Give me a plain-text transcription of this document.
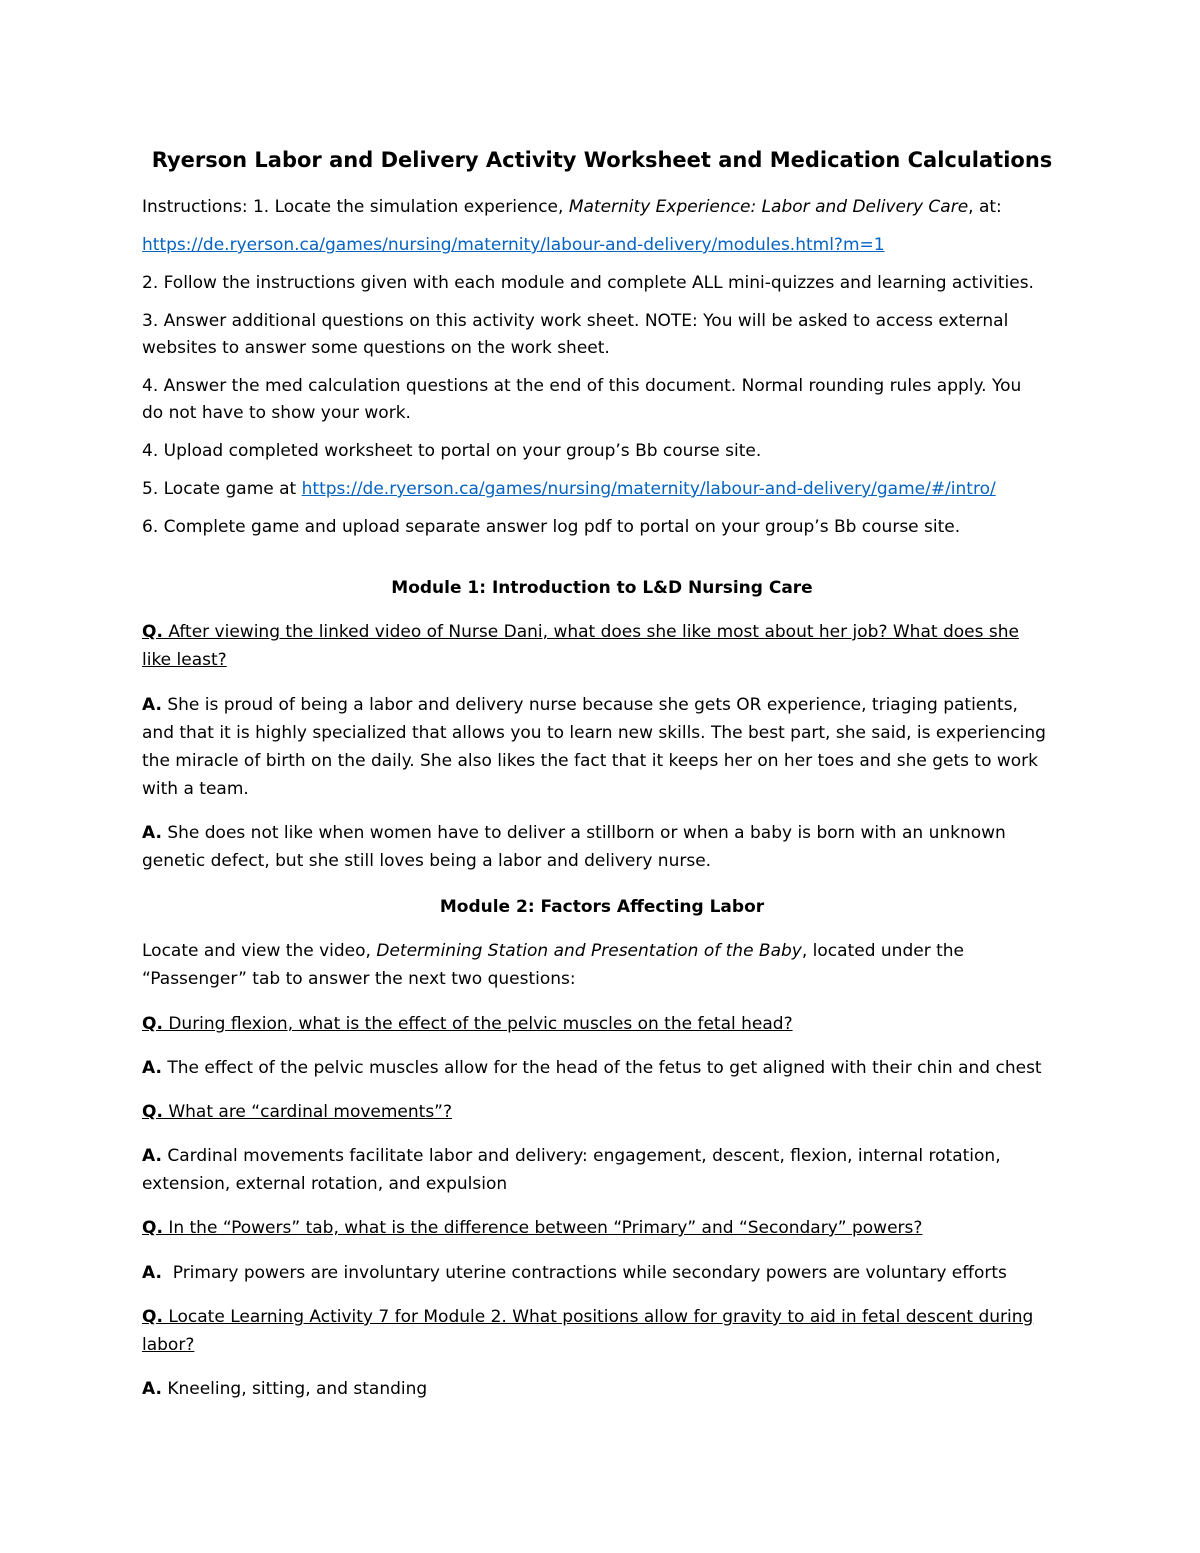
Ryerson Labor and Delivery Activity Worksheet and Medication Calculations
Instructions: 1. Locate the simulation experience, Maternity Experience: Labor and Delivery Care, at:
https://de.ryerson.ca/games/nursing/maternity/labour-and-delivery/modules.html?m=1
2. Follow the instructions given with each module and complete ALL mini-quizzes and learning activities.
3. Answer additional questions on this activity work sheet. NOTE: You will be asked to access external
websites to answer some questions on the work sheet.
4. Answer the med calculation questions at the end of this document. Normal rounding rules apply. You
do not have to show your work.
4. Upload completed worksheet to portal on your group’s Bb course site.
5. Locate game at https://de.ryerson.ca/games/nursing/maternity/labour-and-delivery/game/#/intro/
6. Complete game and upload separate answer log pdf to portal on your group’s Bb course site.
Module 1: Introduction to L&D Nursing Care
Q. After viewing the linked video of Nurse Dani, what does she like most about her job? What does she
like least?
A. She is proud of being a labor and delivery nurse because she gets OR experience, triaging patients,
and that it is highly specialized that allows you to learn new skills. The best part, she said, is experiencing
the miracle of birth on the daily. She also likes the fact that it keeps her on her toes and she gets to work
with a team.
A. She does not like when women have to deliver a stillborn or when a baby is born with an unknown
genetic defect, but she still loves being a labor and delivery nurse.
Module 2: Factors Affecting Labor
Locate and view the video, Determining Station and Presentation of the Baby, located under the
“Passenger” tab to answer the next two questions:
Q. During flexion, what is the effect of the pelvic muscles on the fetal head?
A. The effect of the pelvic muscles allow for the head of the fetus to get aligned with their chin and chest
Q. What are “cardinal movements”?
A. Cardinal movements facilitate labor and delivery: engagement, descent, flexion, internal rotation,
extension, external rotation, and expulsion
Q. In the “Powers” tab, what is the difference between “Primary” and “Secondary” powers?
A.  Primary powers are involuntary uterine contractions while secondary powers are voluntary efforts
Q. Locate Learning Activity 7 for Module 2. What positions allow for gravity to aid in fetal descent during
labor?
A. Kneeling, sitting, and standing
